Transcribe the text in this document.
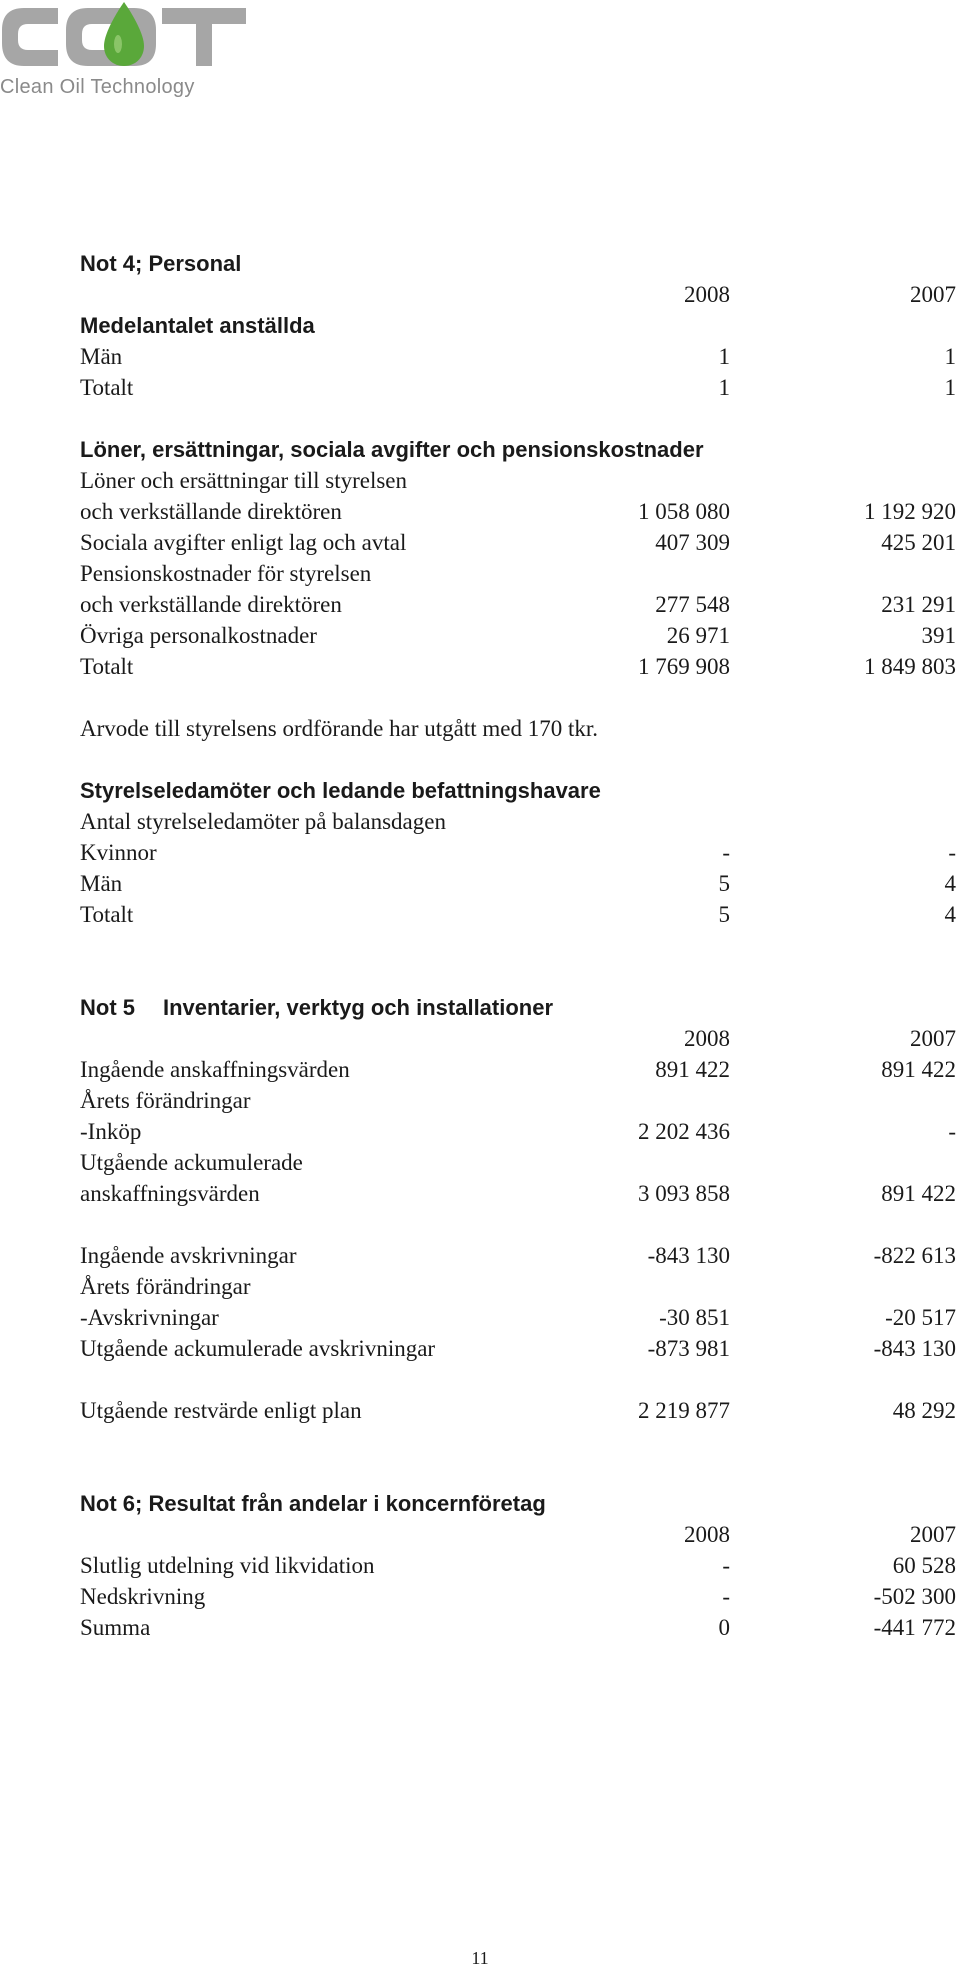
Clean Oil Technology
Not 4; Personal
2008	2007
Medelantalet anställda
Män	1	1
Totalt	1	1
Löner, ersättningar, sociala avgifter och pensionskostnader
Löner och ersättningar till styrelsen
och verkställande direktören	1 058 080	1 192 920
Sociala avgifter enligt lag och avtal	407 309	425 201
Pensionskostnader för styrelsen
och verkställande direktören	277 548	231 291
Övriga personalkostnader	26 971	391
Totalt	1 769 908	1 849 803
Arvode till styrelsens ordförande har utgått med 170 tkr.
Styrelseledamöter och ledande befattningshavare
Antal styrelseledamöter på balansdagen
Kvinnor	-	-
Män	5	4
Totalt	5	4
Not 5 Inventarier, verktyg och installationer
2008	2007
Ingående anskaffningsvärden	891 422	891 422
Årets förändringar
-Inköp	2 202 436	-
Utgående ackumulerade
anskaffningsvärden	3 093 858	891 422
Ingående avskrivningar	-843 130	-822 613
Årets förändringar
-Avskrivningar	-30 851	-20 517
Utgående ackumulerade avskrivningar	-873 981	-843 130
Utgående restvärde enligt plan	2 219 877	48 292
Not 6; Resultat från andelar i koncernföretag
2008	2007
Slutlig utdelning vid likvidation	-	60 528
Nedskrivning	-	-502 300
Summa	0	-441 772
11
